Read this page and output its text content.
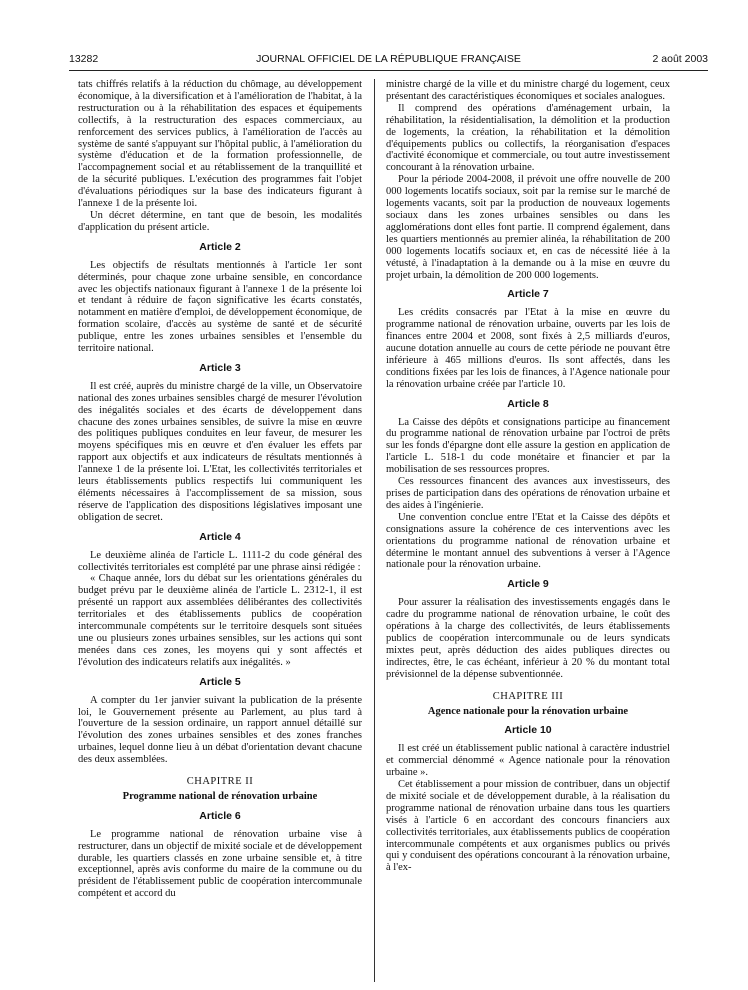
13282	JOURNAL OFFICIEL DE LA RÉPUBLIQUE FRANÇAISE	2 août 2003

tats chiffrés relatifs à la réduction du chômage, au développement économique, à la diversification et à l'amélioration de l'habitat, à la restructuration ou à la réhabilitation des espaces et équipements collectifs, à la restructuration des espaces commerciaux, au renforcement des services publics, à l'amélioration de l'accès au système de santé s'appuyant sur l'hôpital public, à l'amélioration du système d'éducation et de la formation professionnelle, de l'accompagnement social et au rétablissement de la tranquillité et de la sécurité publiques. L'exécution des programmes fait l'objet d'évaluations périodiques sur la base des indicateurs figurant à l'annexe 1 de la présente loi.

Un décret détermine, en tant que de besoin, les modalités d'application du présent article.

Article 2

Les objectifs de résultats mentionnés à l'article 1er sont déterminés, pour chaque zone urbaine sensible, en concordance avec les objectifs nationaux figurant à l'annexe 1 de la présente loi et tendant à réduire de façon significative les écarts constatés, notamment en matière d'emploi, de développement économique, de formation scolaire, d'accès au système de santé et de sécurité publique, entre les zones urbaines sensibles et l'ensemble du territoire national.

Article 3

Il est créé, auprès du ministre chargé de la ville, un Observatoire national des zones urbaines sensibles chargé de mesurer l'évolution des inégalités sociales et des écarts de développement dans chacune des zones urbaines sensibles, de suivre la mise en œuvre des politiques publiques conduites en leur faveur, de mesurer les moyens spécifiques mis en œuvre et d'en évaluer les effets par rapport aux objectifs et aux indicateurs de résultats mentionnés à l'annexe 1 de la présente loi. L'Etat, les collectivités territoriales et leurs établissements publics respectifs lui communiquent les éléments nécessaires à l'accomplissement de sa mission, sous réserve de l'application des dispositions législatives imposant une obligation de secret.

Article 4

Le deuxième alinéa de l'article L. 1111-2 du code général des collectivités territoriales est complété par une phrase ainsi rédigée :

« Chaque année, lors du débat sur les orientations générales du budget prévu par le deuxième alinéa de l'article L. 2312-1, il est présenté un rapport aux assemblées délibérantes des collectivités territoriales et des établissements publics de coopération intercommunale compétents sur le territoire desquels sont situées une ou plusieurs zones urbaines sensibles, sur les actions qui sont menées dans ces zones, les moyens qui y sont affectés et l'évolution des indicateurs relatifs aux inégalités. »

Article 5

A compter du 1er janvier suivant la publication de la présente loi, le Gouvernement présente au Parlement, au plus tard à l'ouverture de la session ordinaire, un rapport annuel détaillé sur l'évolution des zones urbaines sensibles et des zones franches urbaines, lequel donne lieu à un débat d'orientation devant chacune des deux assemblées.

CHAPITRE II
Programme national de rénovation urbaine
Article 6

Le programme national de rénovation urbaine vise à restructurer, dans un objectif de mixité sociale et de développement durable, les quartiers classés en zone urbaine sensible et, à titre exceptionnel, après avis conforme du maire de la commune ou du président de l'établissement public de coopération intercommunale compétent et accord du

ministre chargé de la ville et du ministre chargé du logement, ceux présentant des caractéristiques économiques et sociales analogues.

Il comprend des opérations d'aménagement urbain, la réhabilitation, la résidentialisation, la démolition et la production de logements, la création, la réhabilitation et la démolition d'équipements publics ou collectifs, la réorganisation d'espaces d'activité économique et commerciale, ou tout autre investissement concourant à la rénovation urbaine.

Pour la période 2004-2008, il prévoit une offre nouvelle de 200 000 logements locatifs sociaux, soit par la remise sur le marché de logements vacants, soit par la production de nouveaux logements sociaux dans les zones urbaines sensibles ou dans les agglomérations dont elles font partie. Il comprend également, dans les quartiers mentionnés au premier alinéa, la réhabilitation de 200 000 logements locatifs sociaux et, en cas de nécessité liée à la vétusté, à l'inadaptation à la demande ou à la mise en œuvre du projet urbain, la démolition de 200 000 logements.

Article 7

Les crédits consacrés par l'Etat à la mise en œuvre du programme national de rénovation urbaine, ouverts par les lois de finances entre 2004 et 2008, sont fixés à 2,5 milliards d'euros, aucune dotation annuelle au cours de cette période ne pouvant être inférieure à 465 millions d'euros. Ils sont affectés, dans les conditions fixées par les lois de finances, à l'Agence nationale pour la rénovation urbaine créée par l'article 10.

Article 8

La Caisse des dépôts et consignations participe au financement du programme national de rénovation urbaine par l'octroi de prêts sur les fonds d'épargne dont elle assure la gestion en application de l'article L. 518-1 du code monétaire et financier et par la mobilisation de ses ressources propres.

Ces ressources financent des avances aux investisseurs, des prises de participation dans des opérations de rénovation urbaine et des aides à l'ingénierie.

Une convention conclue entre l'Etat et la Caisse des dépôts et consignations assure la cohérence de ces interventions avec les orientations du programme national de rénovation urbaine et détermine le montant annuel des subventions à verser à l'Agence nationale pour la rénovation urbaine.

Article 9

Pour assurer la réalisation des investissements engagés dans le cadre du programme national de rénovation urbaine, le coût des opérations à la charge des collectivités, de leurs établissements publics de coopération intercommunale ou de leurs syndicats mixtes peut, après déduction des aides publiques directes ou indirectes, être, le cas échéant, inférieur à 20 % du montant total prévisionnel de la dépense subventionnée.

CHAPITRE III
Agence nationale pour la rénovation urbaine
Article 10

Il est créé un établissement public national à caractère industriel et commercial dénommé « Agence nationale pour la rénovation urbaine ».

Cet établissement a pour mission de contribuer, dans un objectif de mixité sociale et de développement durable, à la réalisation du programme national de rénovation urbaine dans tous les quartiers visés à l'article 6 en accordant des concours financiers aux collectivités territoriales, aux établissements publics de coopération intercommunale compétents et aux organismes publics ou privés qui y conduisent des opérations concourant à la rénovation urbaine, à l'ex-
